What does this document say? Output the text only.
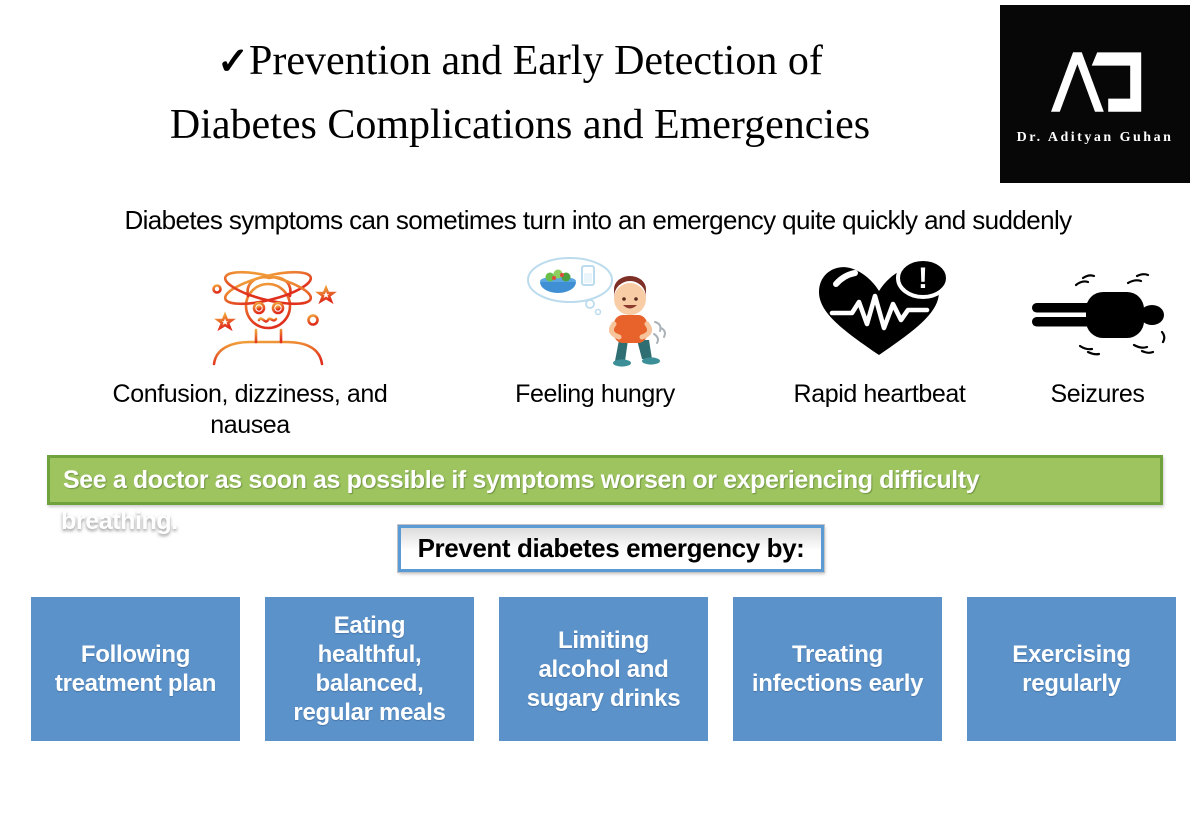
✓Prevention and Early Detection of
Diabetes Complications and Emergencies	Dr. Adityan Guhan
Diabetes symptoms can sometimes turn into an emergency quite quickly and suddenly
!
Confusion, dizziness, and nausea
Feeling hungry	Rapid heartbeat	Seizures
See a doctor as soon as possible if symptoms worsen or experiencing difficulty
breathing.
Prevent diabetes emergency by:
Following treatment plan
Eating healthful, balanced, regular meals
Limiting alcohol and sugary drinks
Treating infections early
Exercising regularly
